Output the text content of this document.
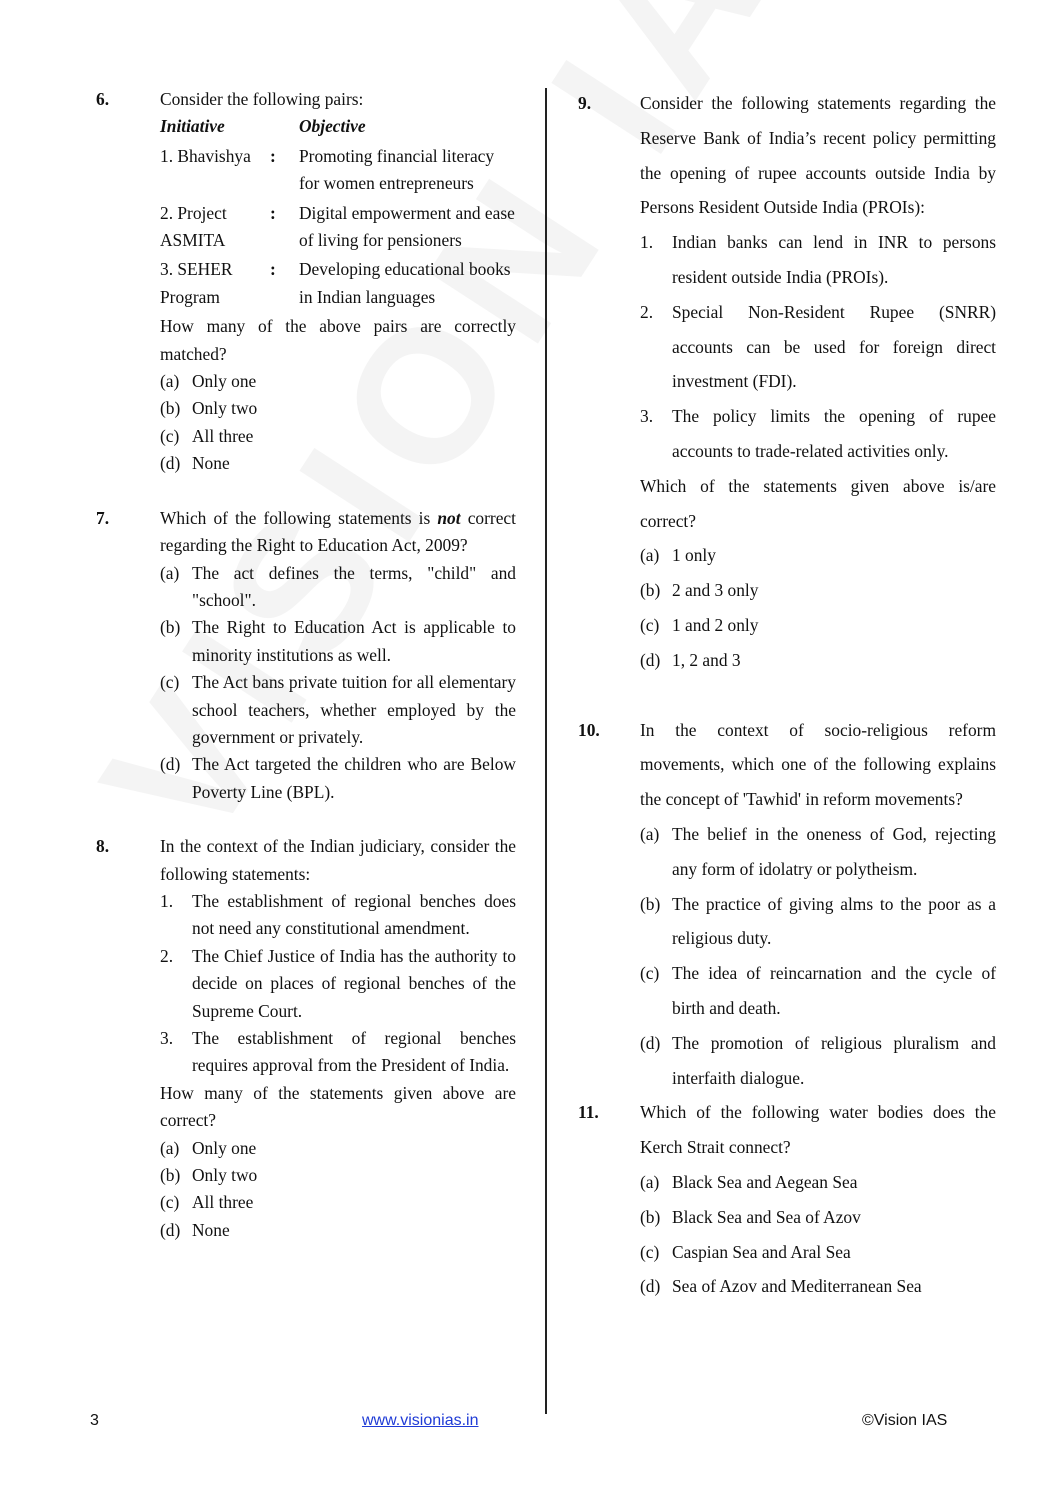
6.	Consider the following pairs:
Initiative		Objective
1. Bhavishya	:	Promoting financial literacy for women entrepreneurs
2. Project ASMITA	:	Digital empowerment and ease of living for pensioners
3. SEHER Program	:	Developing educational books in Indian languages
How many of the above pairs are correctly matched?
(a) Only one
(b) Only two
(c) All three
(d) None
7.	Which of the following statements is not correct regarding the Right to Education Act, 2009?
(a) The act defines the terms, "child" and "school".
(b) The Right to Education Act is applicable to minority institutions as well.
(c) The Act bans private tuition for all elementary school teachers, whether employed by the government or privately.
(d) The Act targeted the children who are Below Poverty Line (BPL).
8.	In the context of the Indian judiciary, consider the following statements:
1. The establishment of regional benches does not need any constitutional amendment.
2. The Chief Justice of India has the authority to decide on places of regional benches of the Supreme Court.
3. The establishment of regional benches requires approval from the President of India.
How many of the statements given above are correct?
(a) Only one
(b) Only two
(c) All three
(d) None
9.	Consider the following statements regarding the Reserve Bank of India’s recent policy permitting the opening of rupee accounts outside India by Persons Resident Outside India (PROIs):
1. Indian banks can lend in INR to persons resident outside India (PROIs).
2. Special Non-Resident Rupee (SNRR) accounts can be used for foreign direct investment (FDI).
3. The policy limits the opening of rupee accounts to trade-related activities only.
Which of the statements given above is/are correct?
(a) 1 only
(b) 2 and 3 only
(c) 1 and 2 only
(d) 1, 2 and 3
10. In the context of socio-religious reform movements, which one of the following explains the concept of 'Tawhid' in reform movements?
(a) The belief in the oneness of God, rejecting any form of idolatry or polytheism.
(b) The practice of giving alms to the poor as a religious duty.
(c) The idea of reincarnation and the cycle of birth and death.
(d) The promotion of religious pluralism and interfaith dialogue.
11. Which of the following water bodies does the Kerch Strait connect?
(a) Black Sea and Aegean Sea
(b) Black Sea and Sea of Azov
(c) Caspian Sea and Aral Sea
(d) Sea of Azov and Mediterranean Sea
3	www.visionias.in	©Vision IAS
